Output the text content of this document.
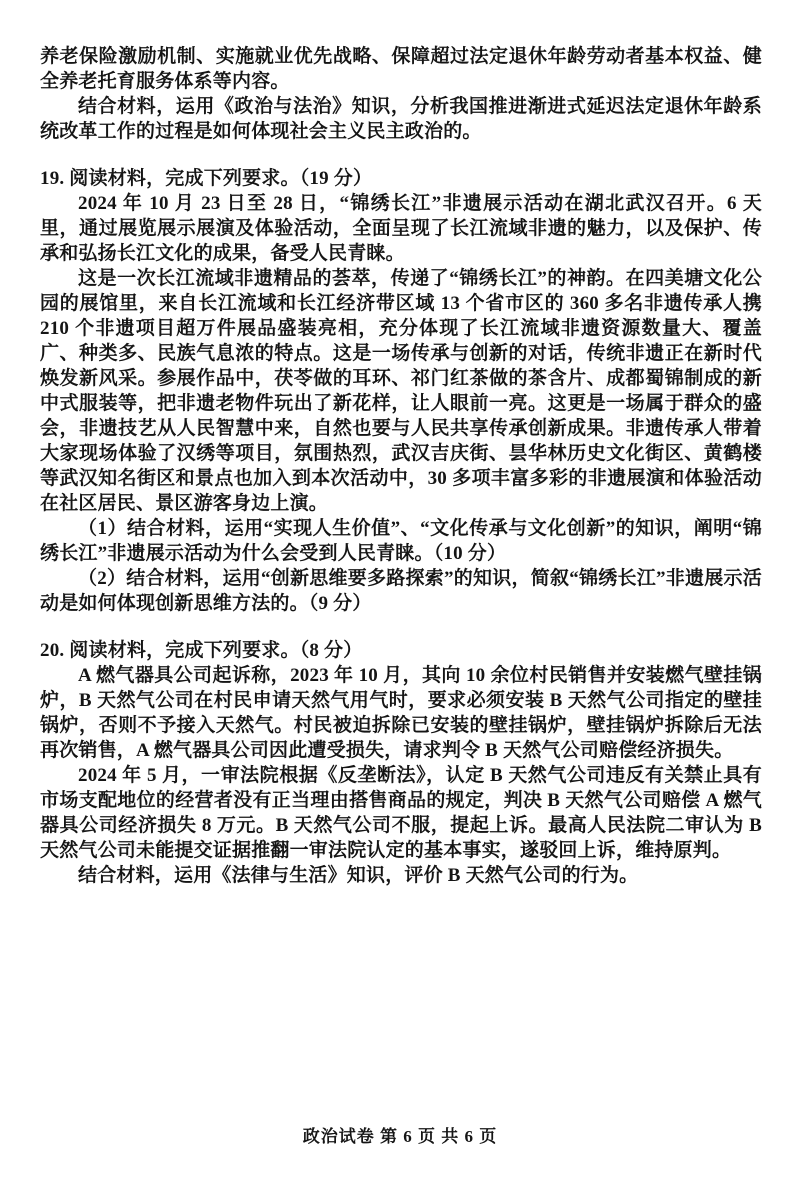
养老保险激励机制、实施就业优先战略、保障超过法定退休年龄劳动者基本权益、健全养老托育服务体系等内容。

结合材料，运用《政治与法治》知识，分析我国推进渐进式延迟法定退休年龄系统改革工作的过程是如何体现社会主义民主政治的。

19. 阅读材料，完成下列要求。（19 分）

2024 年 10 月 23 日至 28 日，“锦绣长江”非遗展示活动在湖北武汉召开。6 天里，通过展览展示展演及体验活动，全面呈现了长江流域非遗的魅力，以及保护、传承和弘扬长江文化的成果，备受人民青睐。

这是一次长江流域非遗精品的荟萃，传递了“锦绣长江”的神韵。在四美塘文化公园的展馆里，来自长江流域和长江经济带区域 13 个省市区的 360 多名非遗传承人携 210 个非遗项目超万件展品盛装亮相，充分体现了长江流域非遗资源数量大、覆盖广、种类多、民族气息浓的特点。这是一场传承与创新的对话，传统非遗正在新时代焕发新风采。参展作品中，茯苓做的耳环、祁门红茶做的茶含片、成都蜀锦制成的新中式服装等，把非遗老物件玩出了新花样，让人眼前一亮。这更是一场属于群众的盛会，非遗技艺从人民智慧中来，自然也要与人民共享传承创新成果。非遗传承人带着大家现场体验了汉绣等项目，氛围热烈，武汉吉庆街、昙华林历史文化街区、黄鹤楼等武汉知名街区和景点也加入到本次活动中，30 多项丰富多彩的非遗展演和体验活动在社区居民、景区游客身边上演。

（1）结合材料，运用“实现人生价值”、“文化传承与文化创新”的知识，阐明“锦绣长江”非遗展示活动为什么会受到人民青睐。（10 分）

（2）结合材料，运用“创新思维要多路探索”的知识，简叙“锦绣长江”非遗展示活动是如何体现创新思维方法的。（9 分）

20. 阅读材料，完成下列要求。（8 分）

A 燃气器具公司起诉称，2023 年 10 月，其向 10 余位村民销售并安装燃气壁挂锅炉，B 天然气公司在村民申请天然气用气时，要求必须安装 B 天然气公司指定的壁挂锅炉，否则不予接入天然气。村民被迫拆除已安装的壁挂锅炉，壁挂锅炉拆除后无法再次销售，A 燃气器具公司因此遭受损失，请求判令 B 天然气公司赔偿经济损失。

2024 年 5 月，一审法院根据《反垄断法》，认定 B 天然气公司违反有关禁止具有市场支配地位的经营者没有正当理由搭售商品的规定，判决 B 天然气公司赔偿 A 燃气器具公司经济损失 8 万元。B 天然气公司不服，提起上诉。最高人民法院二审认为 B 天然气公司未能提交证据推翻一审法院认定的基本事实，遂驳回上诉，维持原判。

结合材料，运用《法律与生活》知识，评价 B 天然气公司的行为。

政治试卷 第 6 页 共 6 页
